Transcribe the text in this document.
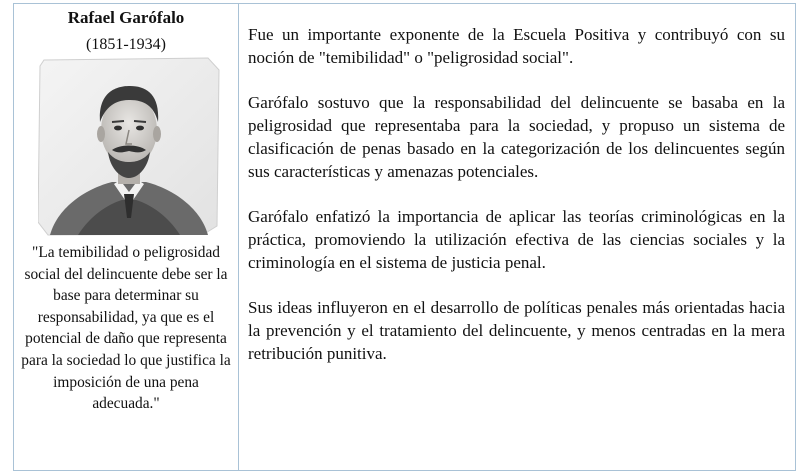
Rafael Garófalo
(1851-1934)
"La temibilidad o peligrosidad social del delincuente debe ser la base para determinar su responsabilidad, ya que es el potencial de daño que representa para la sociedad lo que justifica la imposición de una pena adecuada."

Fue un importante exponente de la Escuela Positiva y contribuyó con su noción de "temibilidad" o "peligrosidad social".

Garófalo sostuvo que la responsabilidad del delincuente se basaba en la peligrosidad que representaba para la sociedad, y propuso un sistema de clasificación de penas basado en la categorización de los delincuentes según sus características y amenazas potenciales.

Garófalo enfatizó la importancia de aplicar las teorías criminológicas en la práctica, promoviendo la utilización efectiva de las ciencias sociales y la criminología en el sistema de justicia penal.

Sus ideas influyeron en el desarrollo de políticas penales más orientadas hacia la prevención y el tratamiento del delincuente, y menos centradas en la mera retribución punitiva.
